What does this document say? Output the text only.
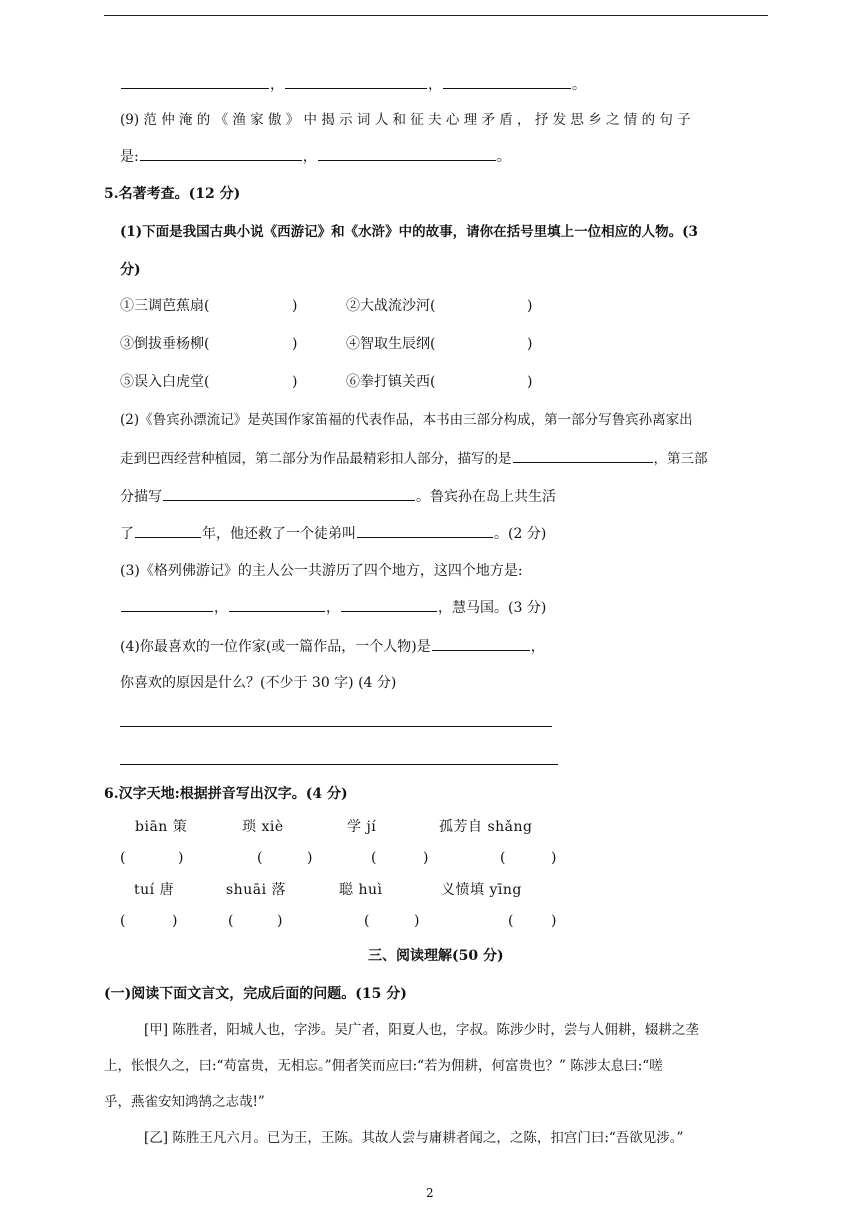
，	，	。
(9) 范 仲 淹 的 《 渔 家 傲 》 中 揭 示 词 人 和 征 夫 心 理 矛 盾 ， 抒 发 思 乡 之 情 的 句 子
是:	，	。
5.名著考查。(12 分)
(1)下面是我国古典小说《西游记》和《水浒》中的故事，请你在括号里填上一位相应的人物。(3
分)
①三调芭蕉扇(	)	②大战流沙河(	)
③倒拔垂杨柳(	)	④智取生辰纲(	)
⑤误入白虎堂(	)	⑥拳打镇关西(	)
(2)《鲁宾孙漂流记》是英国作家笛福的代表作品，本书由三部分构成，第一部分写鲁宾孙离家出
走到巴西经营种植园，第二部分为作品最精彩扣人部分，描写的是	，第三部
分描写	。鲁宾孙在岛上共生活
了	年，他还救了一个徒弟叫	。(2 分)
(3)《格列佛游记》的主人公一共游历了四个地方，这四个地方是:
，	，	，慧马国。(3 分)
(4)你最喜欢的一位作家(或一篇作品，一个人物)是	，
你喜欢的原因是什么？(不少于 30 字) (4 分)
6.汉字天地:根据拼音写出汉字。(4 分)
biān 策	琐 xiè	学 jí	孤芳自 shǎng
(	)	(	)	(	)	(	)
tuí 唐	shuāi 落	聪 huì	义愤填 yīng
(	)	(	)	(	)	(	)
三、阅读理解(50 分)
(一)阅读下面文言文，完成后面的问题。(15 分)
[甲] 陈胜者，阳城人也，字涉。吴广者，阳夏人也，字叔。陈涉少时，尝与人佣耕，辍耕之垄
上，怅恨久之，曰:“苟富贵，无相忘。”佣者笑而应曰:“若为佣耕，何富贵也？” 陈涉太息曰:“嗟
乎，燕雀安知鸿鹄之志哉!”
[乙] 陈胜王凡六月。已为王，王陈。其故人尝与庸耕者闻之，之陈，扣宫门曰:“吾欲见涉。”
2
